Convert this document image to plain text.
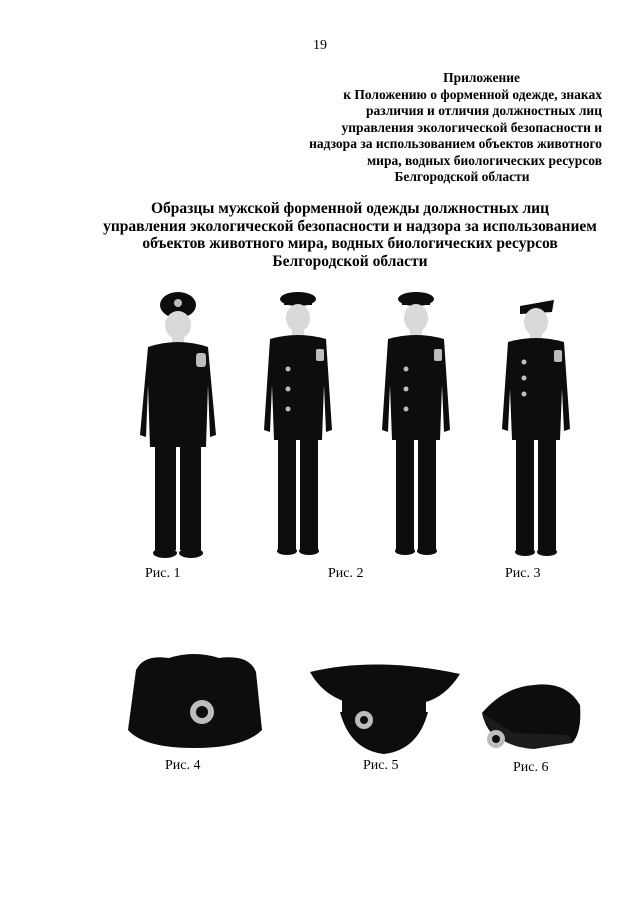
19
Приложение
к Положению о форменной одежде, знаках
различия и отличия должностных лиц
управления экологической безопасности и
надзора за использованием объектов животного
мира, водных биологических ресурсов
Белгородской области
Образцы мужской форменной одежды должностных лиц
управления экологической безопасности и надзора за использованием
объектов животного мира, водных биологических ресурсов
Белгородской области
Рис. 1	Рис. 2	Рис. 3
Рис. 4	Рис. 5	Рис. 6
